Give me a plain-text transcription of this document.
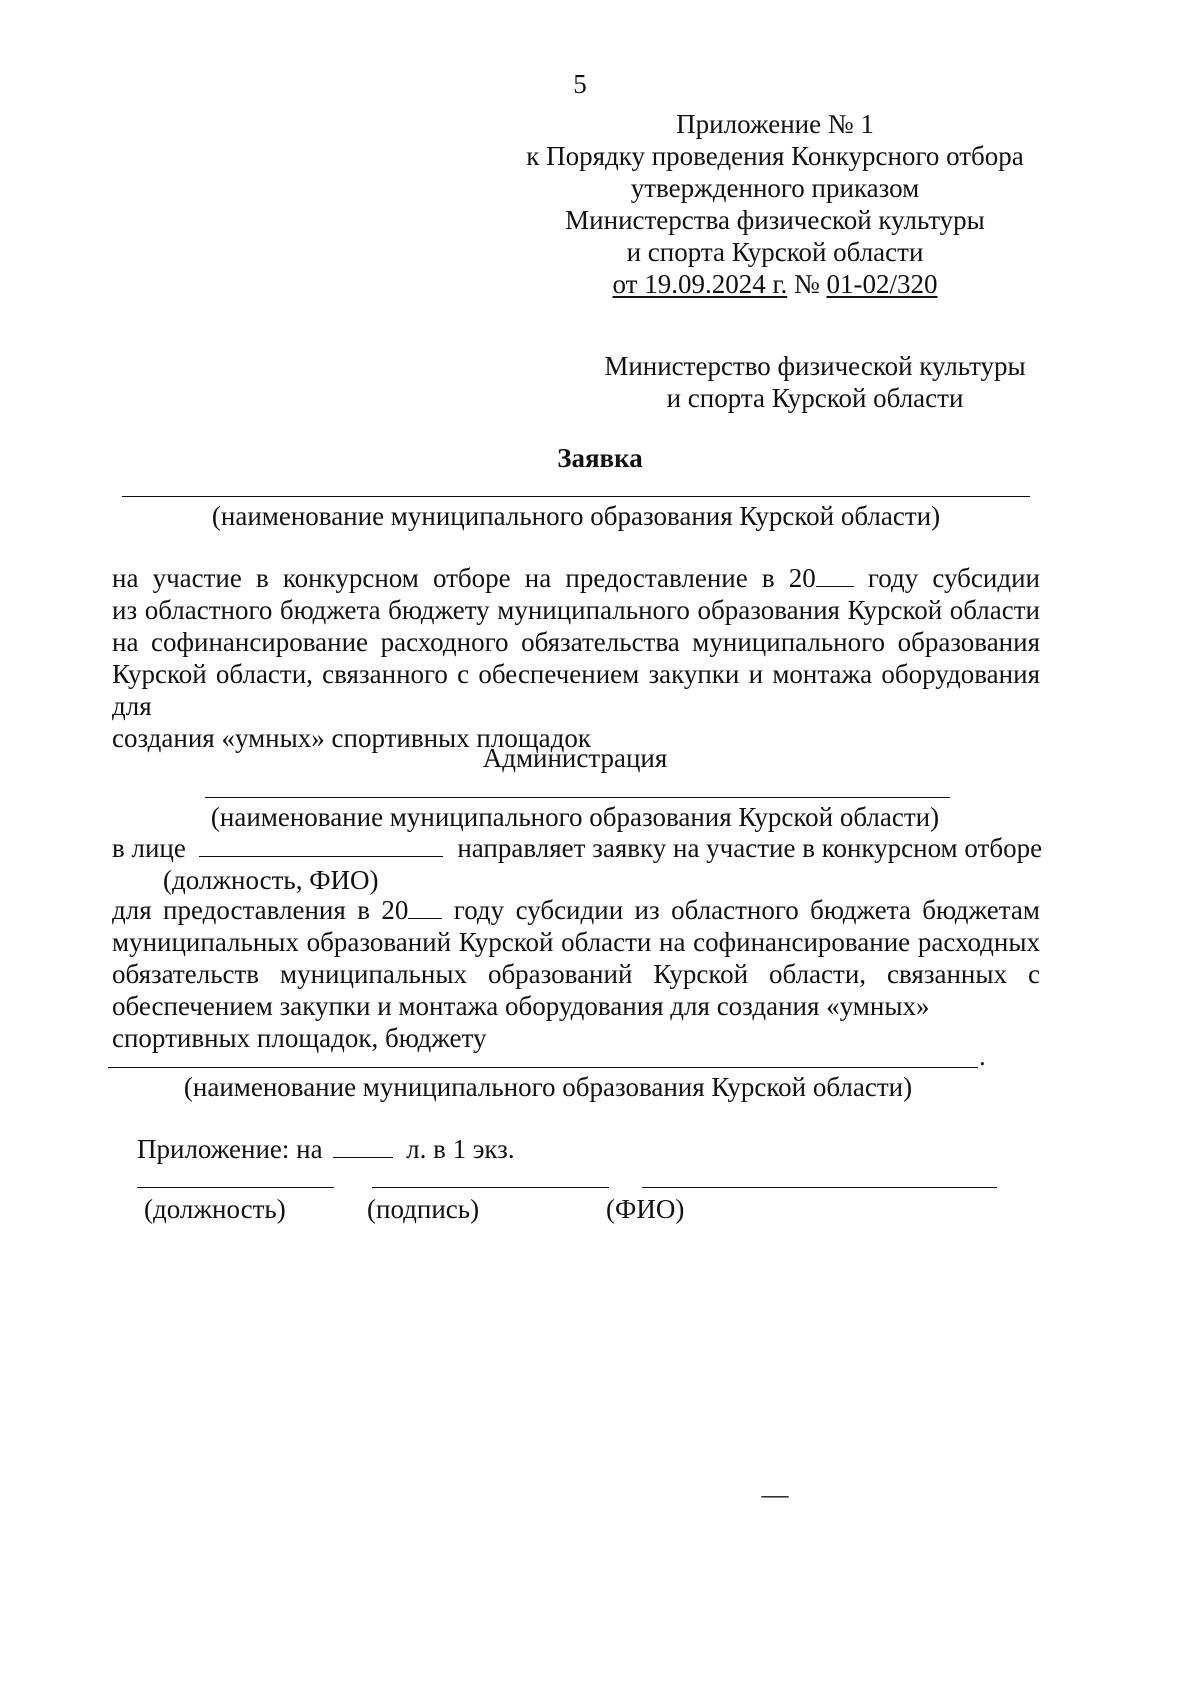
5
Приложение № 1
к Порядку проведения Конкурсного отбора
утвержденного приказом
Министерства физической культуры
и спорта Курской области
от 19.09.2024 г. № 01-02/320
Министерство физической культуры
и спорта Курской области
Заявка
(наименование муниципального образования Курской области)
на участие в конкурсном отборе на предоставление в 20 году субсидии
из областного бюджета бюджету муниципального образования Курской области
на софинансирование расходного обязательства муниципального образования
Курской области, связанного с обеспечением закупки и монтажа оборудования для
создания «умных» спортивных площадок
Администрация
(наименование муниципального образования Курской области)
в лице	направляет заявку на участие в конкурсном отборе
(должность, ФИО)
для предоставления в 20 году субсидии из областного бюджета бюджетам
муниципальных образований Курской области на софинансирование расходных
обязательств муниципальных образований Курской области, связанных с
обеспечением закупки и монтажа оборудования для создания «умных»
спортивных площадок, бюджету
.
(наименование муниципального образования Курской области)
Приложение: на	л. в 1 экз.
(должность)	(подпись)	(ФИО)
—
